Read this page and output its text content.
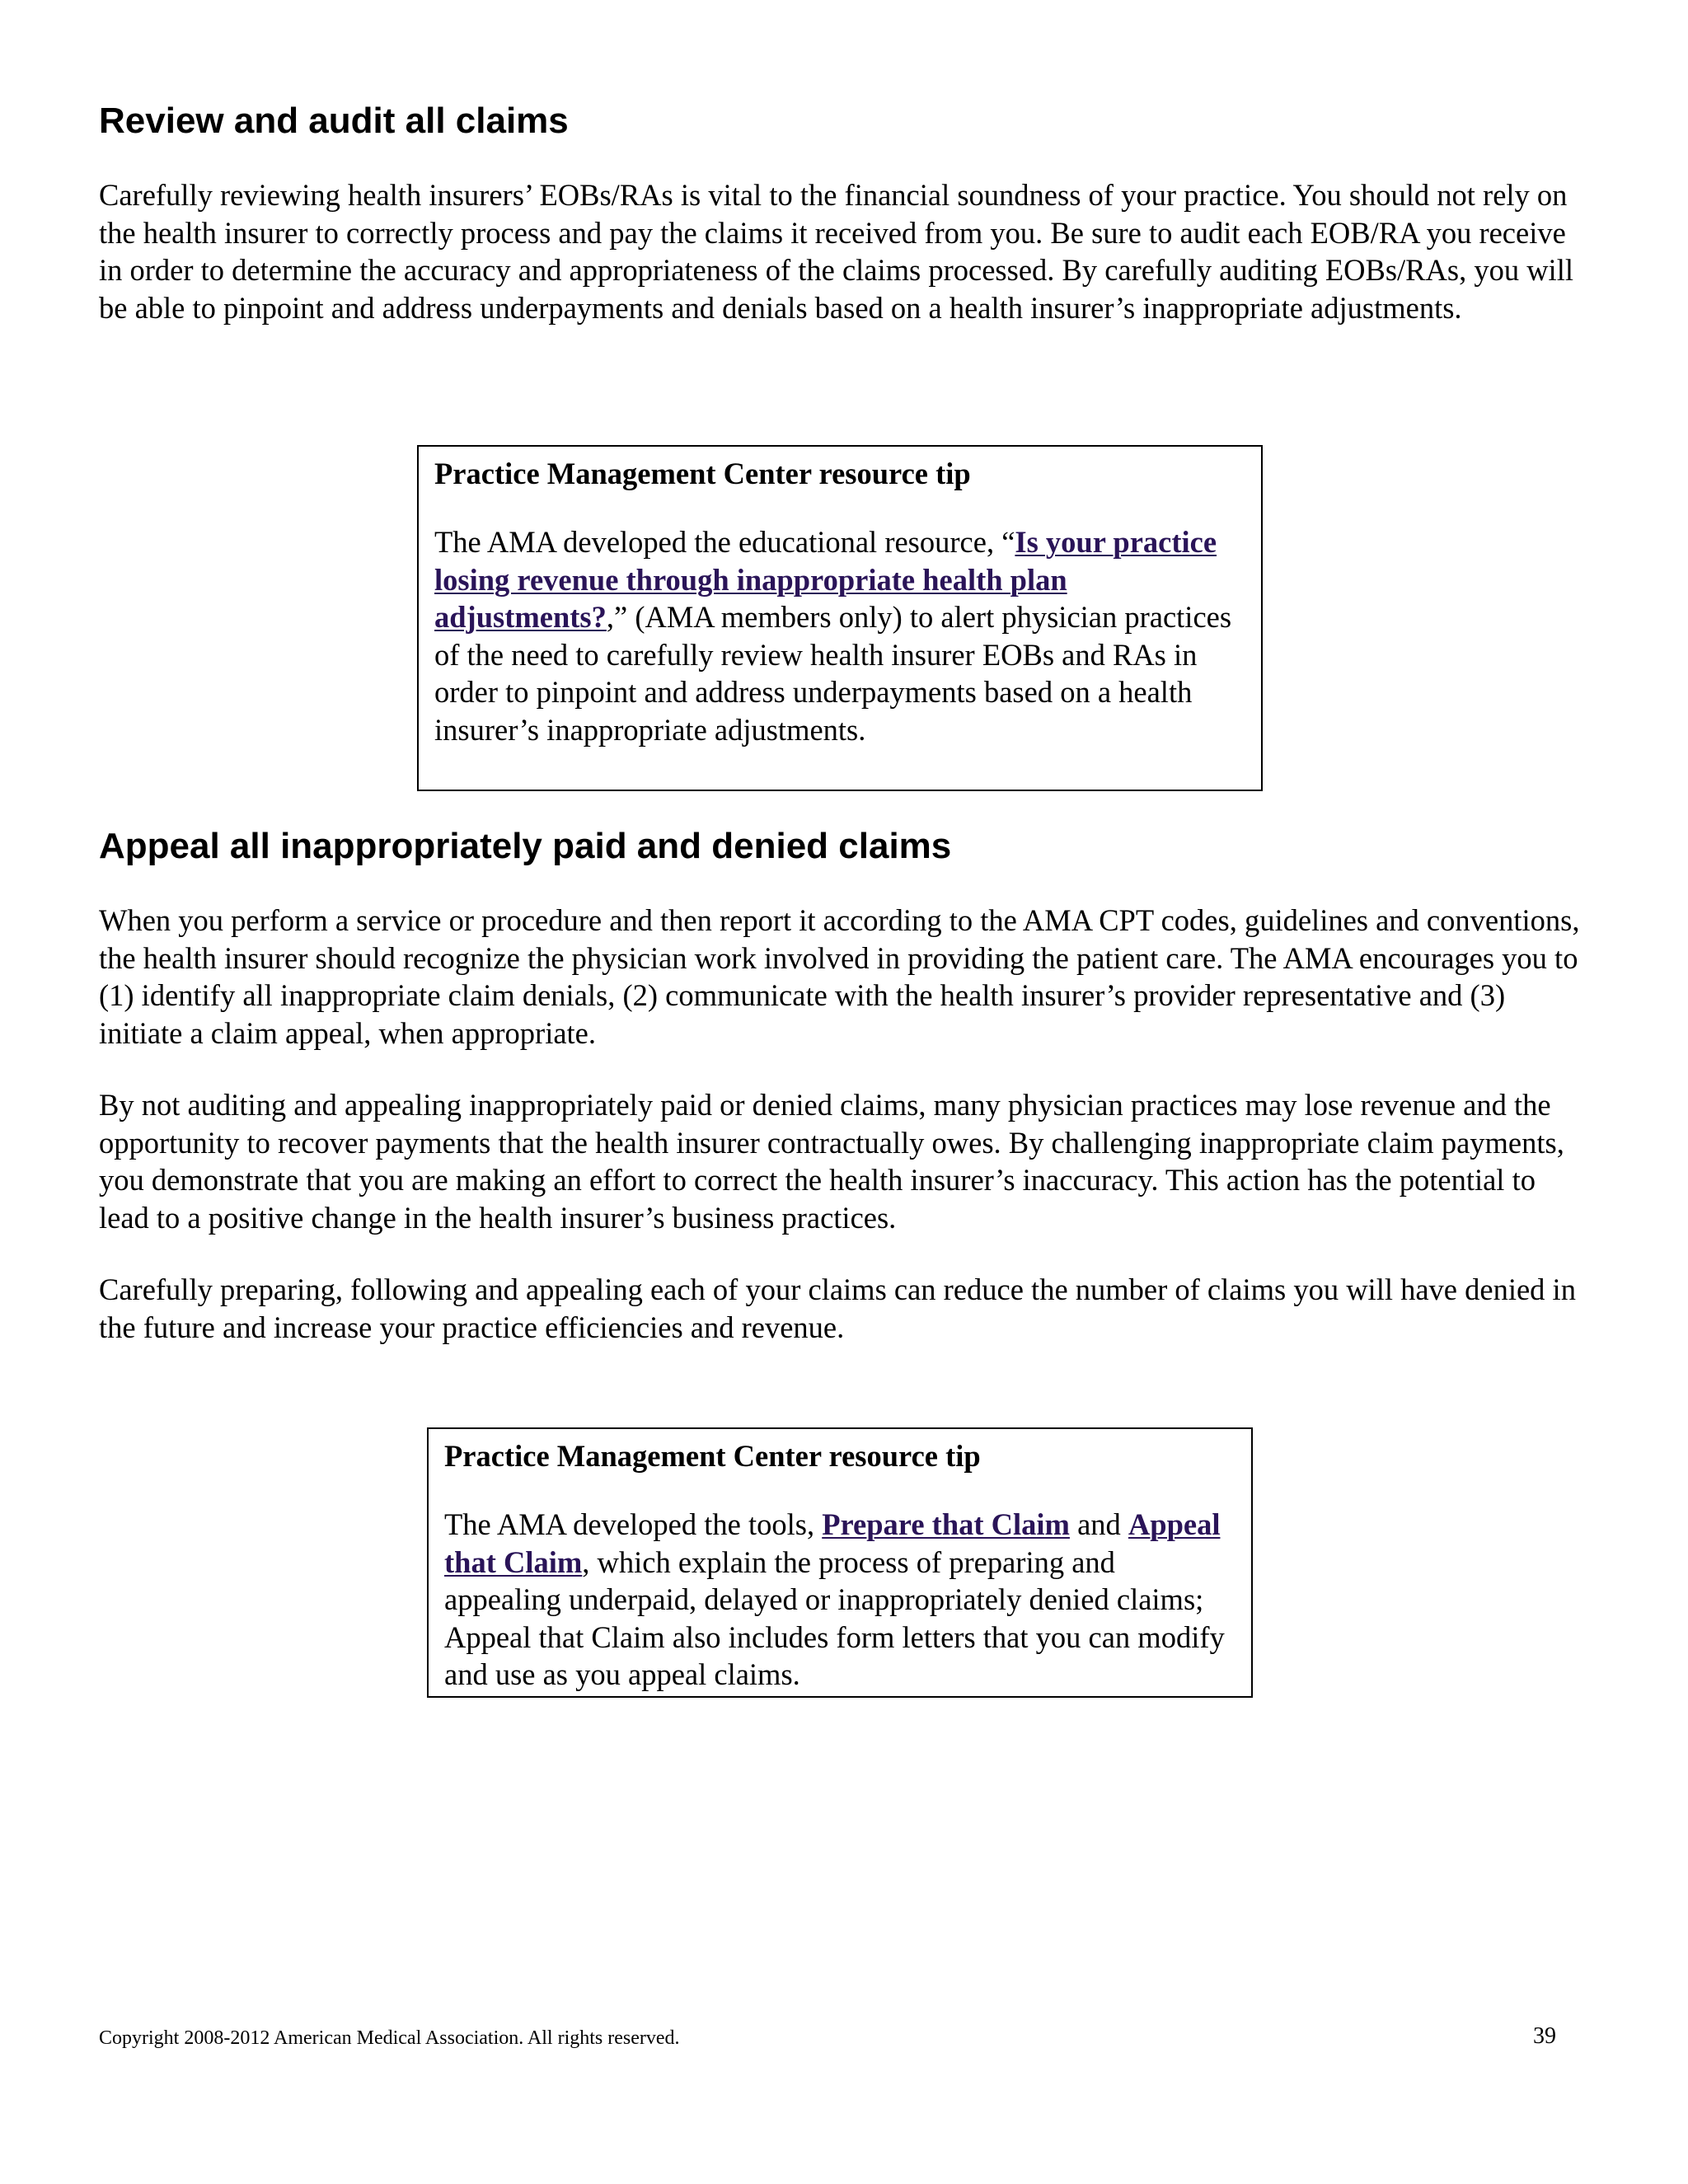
Review and audit all claims

Carefully reviewing health insurers’ EOBs/RAs is vital to the financial soundness of your practice. You should not rely on the health insurer to correctly process and pay the claims it received from you. Be sure to audit each EOB/RA you receive in order to determine the accuracy and appropriateness of the claims processed. By carefully auditing EOBs/RAs, you will be able to pinpoint and address underpayments and denials based on a health insurer’s inappropriate adjustments.

Practice Management Center resource tip

The AMA developed the educational resource, “Is your practice losing revenue through inappropriate health plan adjustments?,” (AMA members only) to alert physician practices of the need to carefully review health insurer EOBs and RAs in order to pinpoint and address underpayments based on a health insurer’s inappropriate adjustments.

Appeal all inappropriately paid and denied claims

When you perform a service or procedure and then report it according to the AMA CPT codes, guidelines and conventions, the health insurer should recognize the physician work involved in providing the patient care. The AMA encourages you to (1) identify all inappropriate claim denials, (2) communicate with the health insurer’s provider representative and (3) initiate a claim appeal, when appropriate.

By not auditing and appealing inappropriately paid or denied claims, many physician practices may lose revenue and the opportunity to recover payments that the health insurer contractually owes. By challenging inappropriate claim payments, you demonstrate that you are making an effort to correct the health insurer’s inaccuracy. This action has the potential to lead to a positive change in the health insurer’s business practices.

Carefully preparing, following and appealing each of your claims can reduce the number of claims you will have denied in the future and increase your practice efficiencies and revenue.

Practice Management Center resource tip

The AMA developed the tools, Prepare that Claim and Appeal that Claim, which explain the process of preparing and appealing underpaid, delayed or inappropriately denied claims; Appeal that Claim also includes form letters that you can modify and use as you appeal claims.

Copyright 2008-2012 American Medical Association. All rights reserved.	39
